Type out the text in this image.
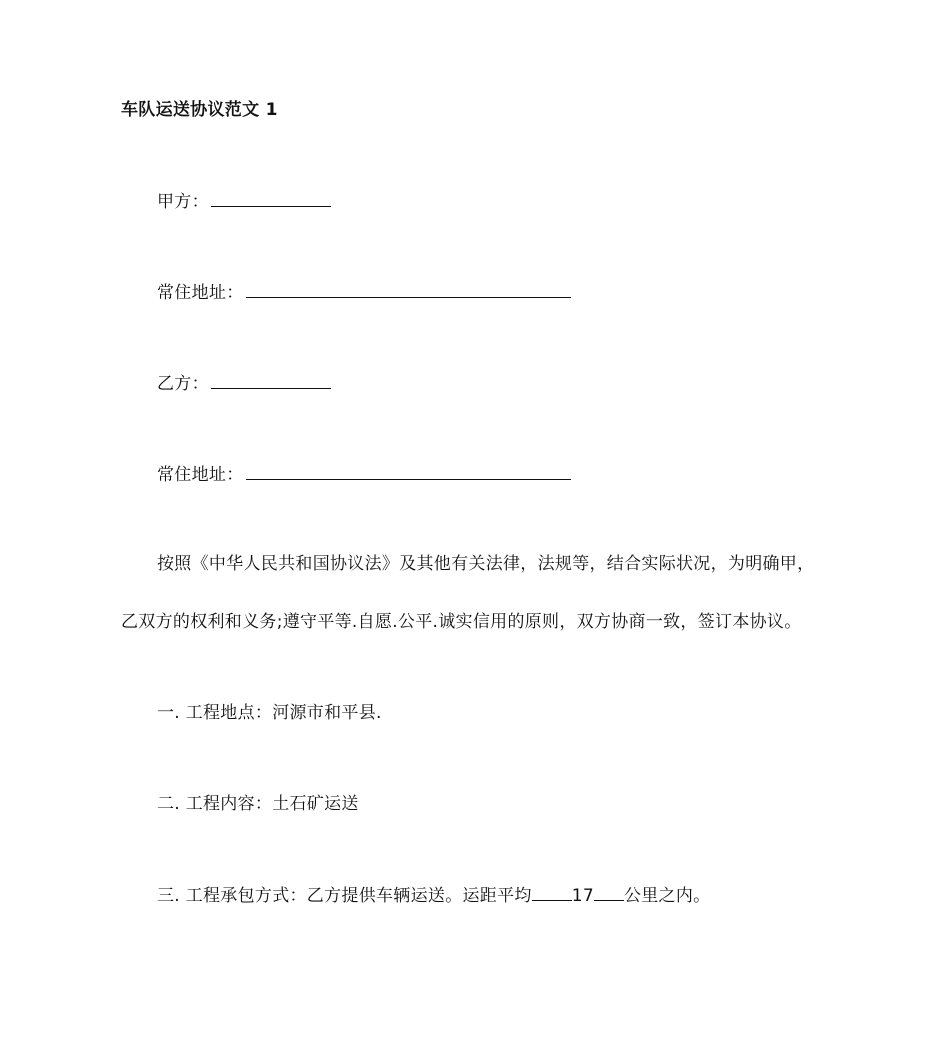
车队运送协议范文 1
甲方：
常住地址：
乙方：
常住地址：
按照《中华人民共和国协议法》及其他有关法律，法规等，结合实际状况，为明确甲，
乙双方的权利和义务;遵守平等.自愿.公平.诚实信用的原则，双方协商一致，签订本协议。
一. 工程地点：河源市和平县.
二. 工程内容：土石矿运送
三. 工程承包方式：乙方提供车辆运送。运距平均 17 公里之内。
